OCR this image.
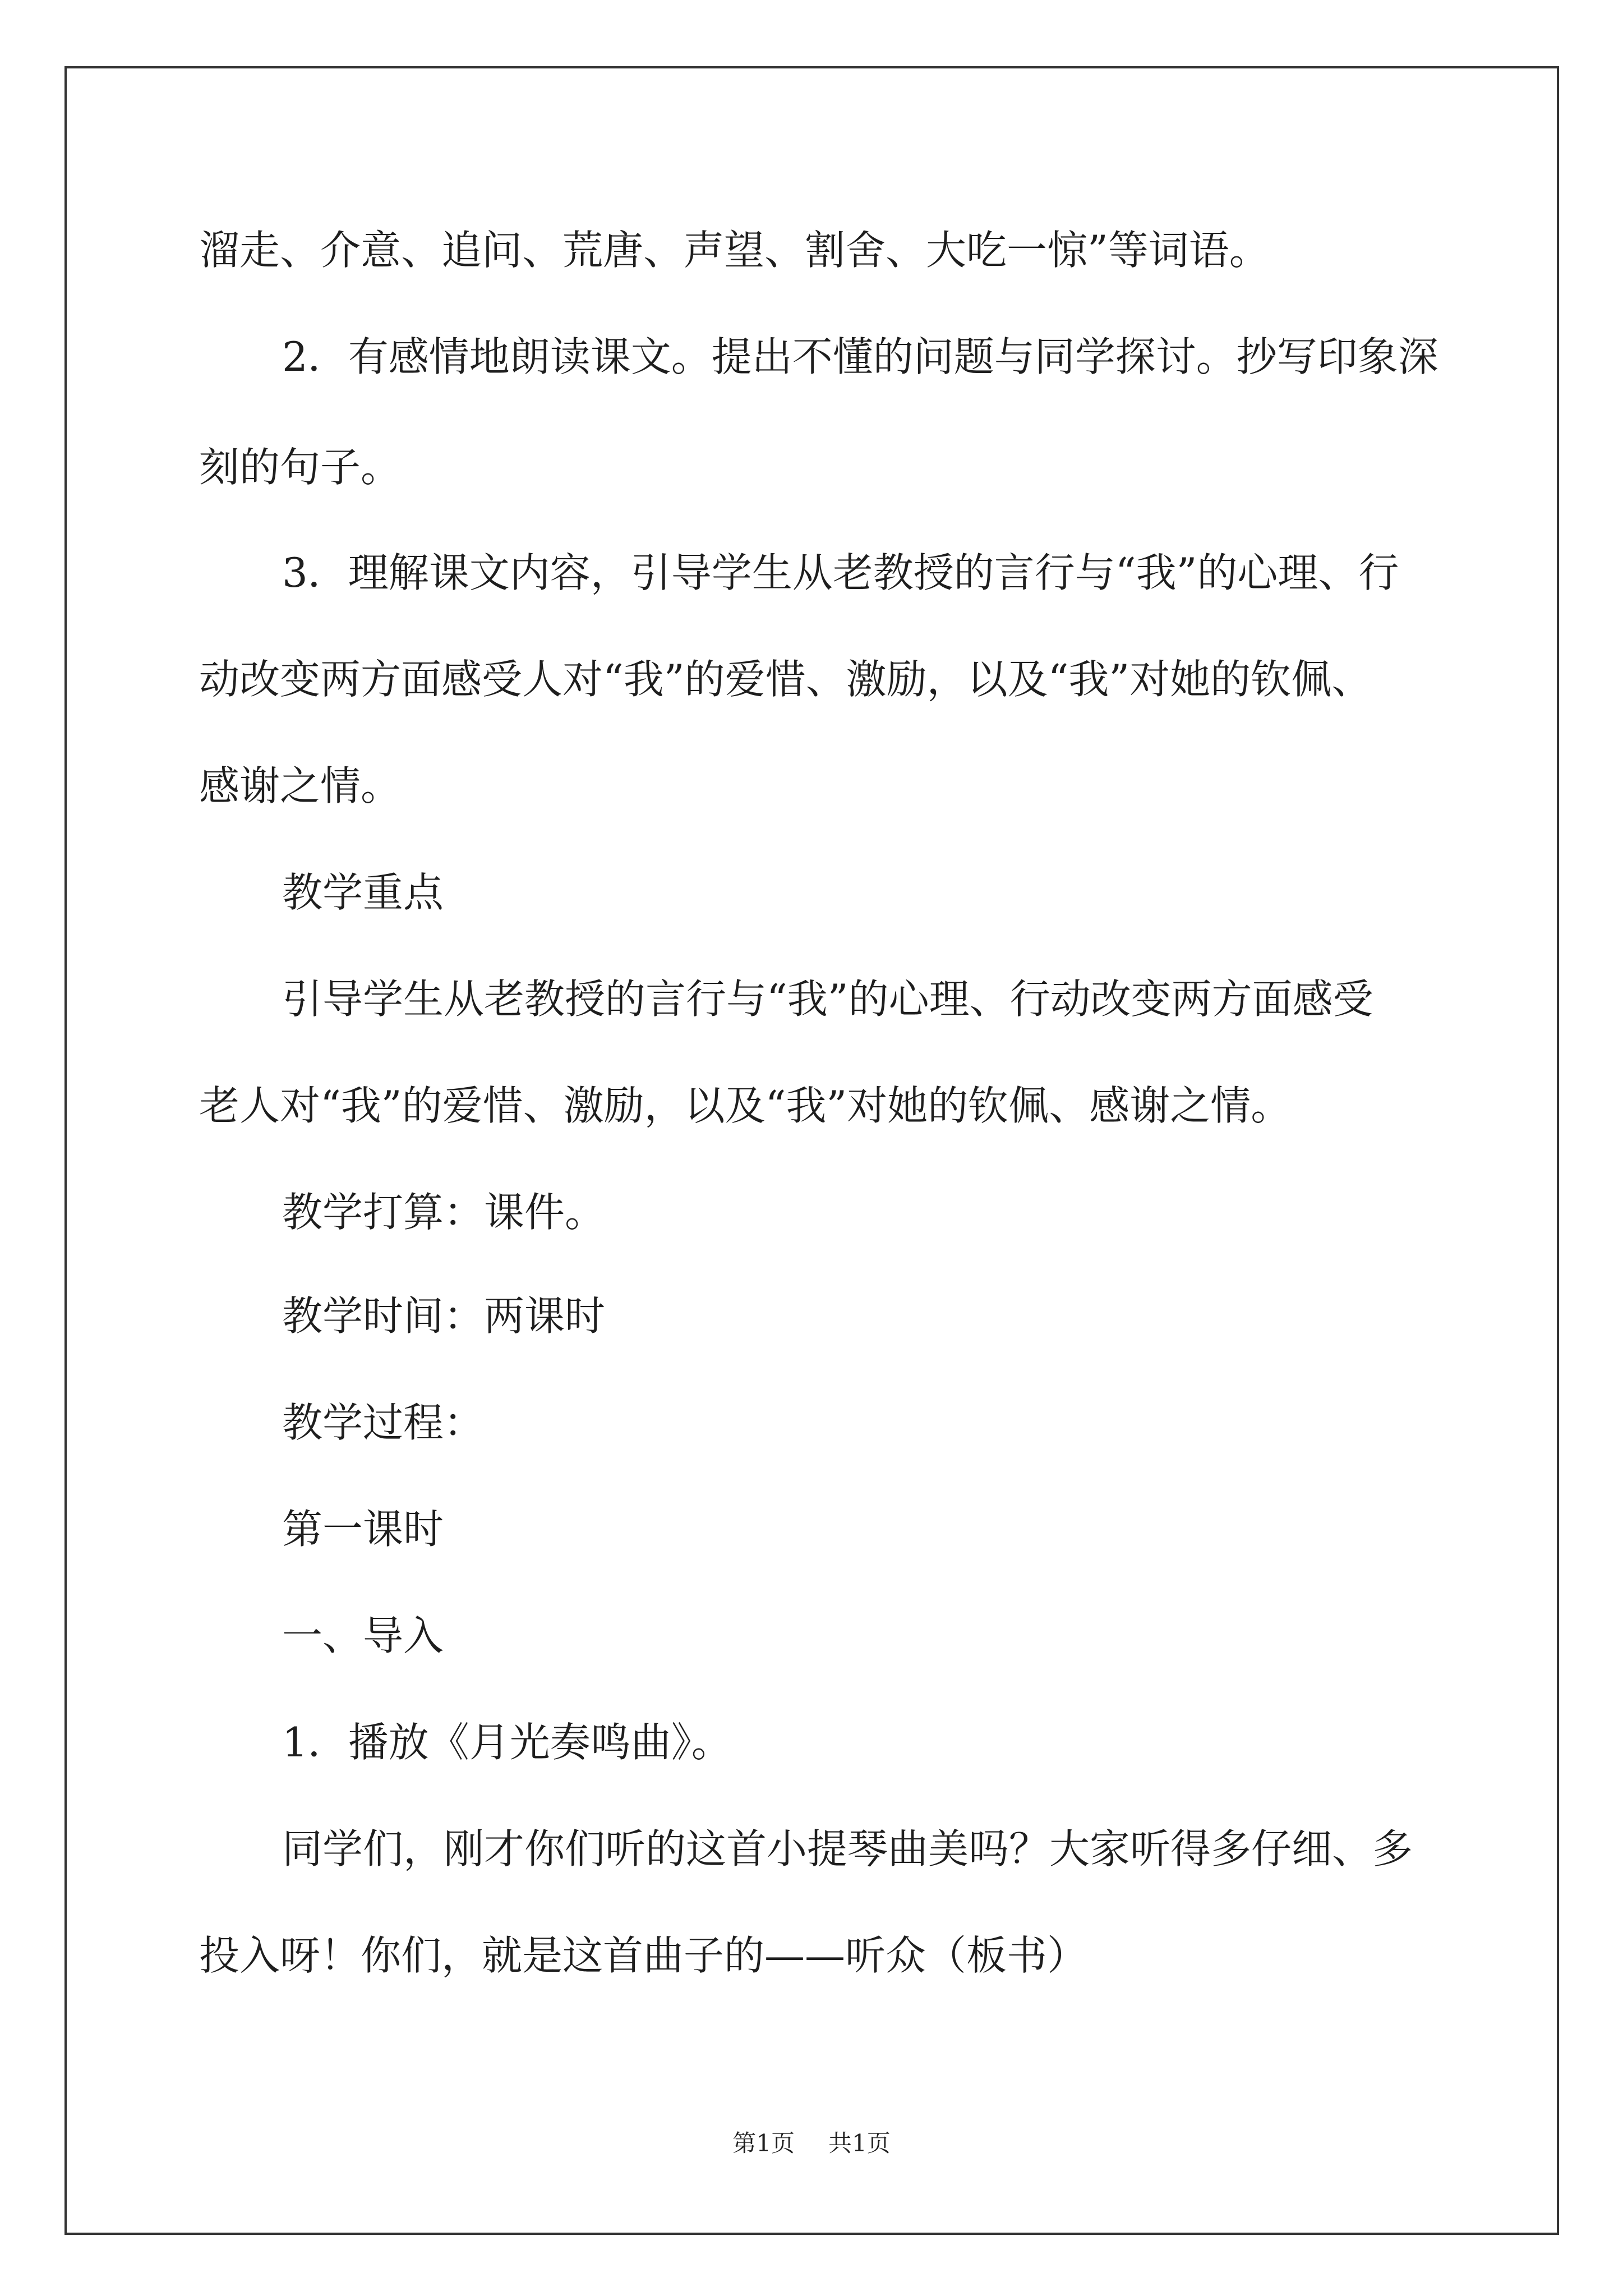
溜走、介意、追问、荒唐、声望、割舍、大吃一惊”等词语。
2．有感情地朗读课文。提出不懂的问题与同学探讨。抄写印象深
刻的句子。
3．理解课文内容，引导学生从老教授的言行与“我”的心理、行
动改变两方面感受人对“我”的爱惜、激励，以及“我”对她的钦佩、
感谢之情。
教学重点
引导学生从老教授的言行与“我”的心理、行动改变两方面感受
老人对“我”的爱惜、激励，以及“我”对她的钦佩、感谢之情。
教学打算：课件。
教学时间：两课时
教学过程：
第一课时
一、导入
1．播放《月光奏鸣曲》。
同学们，刚才你们听的这首小提琴曲美吗？大家听得多仔细、多
投入呀！你们，就是这首曲子的——听众（板书）
第1页 共1页
